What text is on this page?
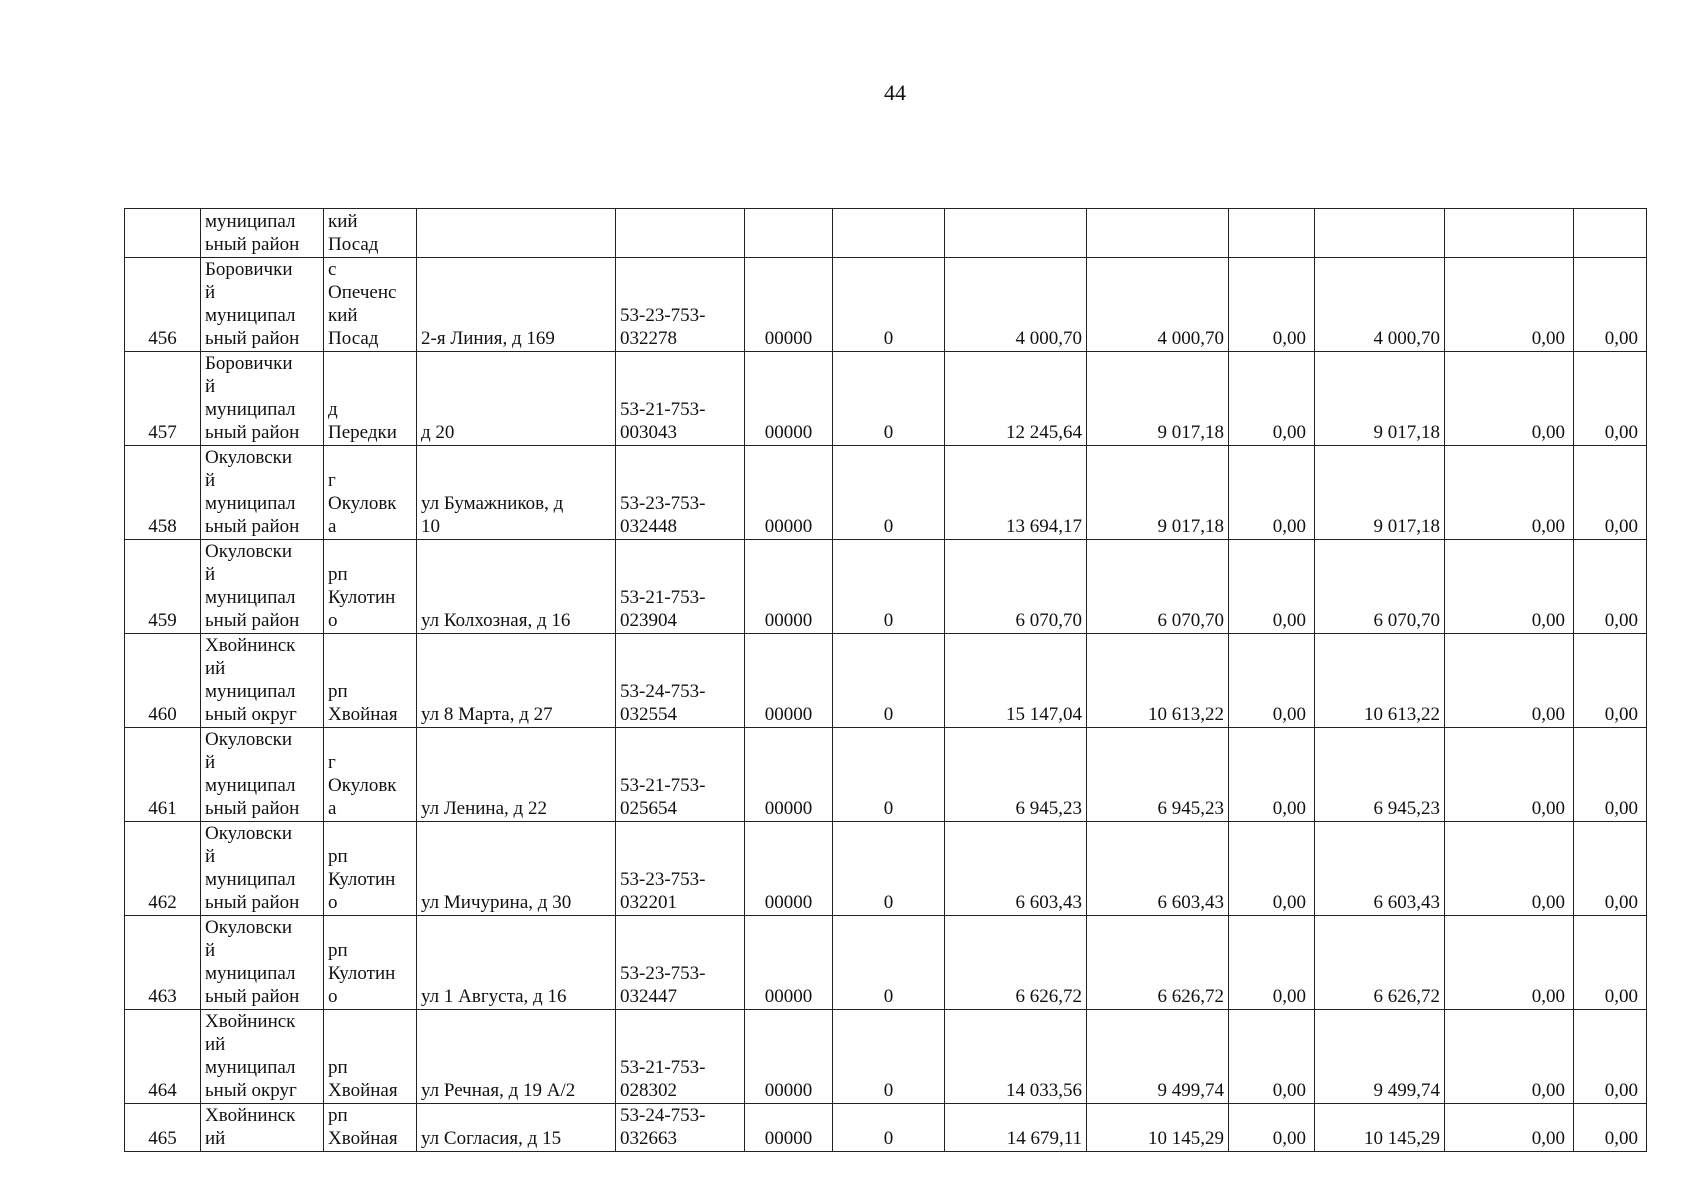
44
	муниципал
ьный район	кий
Посад										
456	Боровички
й
муниципал
ьный район	с
Опеченс
кий
Посад	2-я Линия, д 169	53-23-753-
032278	00000	0	4 000,70	4 000,70	0,00	4 000,70	0,00	0,00
457	Боровички
й
муниципал
ьный район	д
Передки	д 20	53-21-753-
003043	00000	0	12 245,64	9 017,18	0,00	9 017,18	0,00	0,00
458	Окуловски
й
муниципал
ьный район	г
Окуловк
а	ул Бумажников, д
10	53-23-753-
032448	00000	0	13 694,17	9 017,18	0,00	9 017,18	0,00	0,00
459	Окуловски
й
муниципал
ьный район	рп
Кулотин
о	ул Колхозная, д 16	53-21-753-
023904	00000	0	6 070,70	6 070,70	0,00	6 070,70	0,00	0,00
460	Хвойнинск
ий
муниципал
ьный округ	рп
Хвойная	ул 8 Марта, д 27	53-24-753-
032554	00000	0	15 147,04	10 613,22	0,00	10 613,22	0,00	0,00
461	Окуловски
й
муниципал
ьный район	г
Окуловк
а	ул Ленина, д 22	53-21-753-
025654	00000	0	6 945,23	6 945,23	0,00	6 945,23	0,00	0,00
462	Окуловски
й
муниципал
ьный район	рп
Кулотин
о	ул Мичурина, д 30	53-23-753-
032201	00000	0	6 603,43	6 603,43	0,00	6 603,43	0,00	0,00
463	Окуловски
й
муниципал
ьный район	рп
Кулотин
о	ул 1 Августа, д 16	53-23-753-
032447	00000	0	6 626,72	6 626,72	0,00	6 626,72	0,00	0,00
464	Хвойнинск
ий
муниципал
ьный округ	рп
Хвойная	ул Речная, д 19 А/2	53-21-753-
028302	00000	0	14 033,56	9 499,74	0,00	9 499,74	0,00	0,00
465	Хвойнинск
ий	рп
Хвойная	ул Согласия, д 15	53-24-753-
032663	00000	0	14 679,11	10 145,29	0,00	10 145,29	0,00	0,00
